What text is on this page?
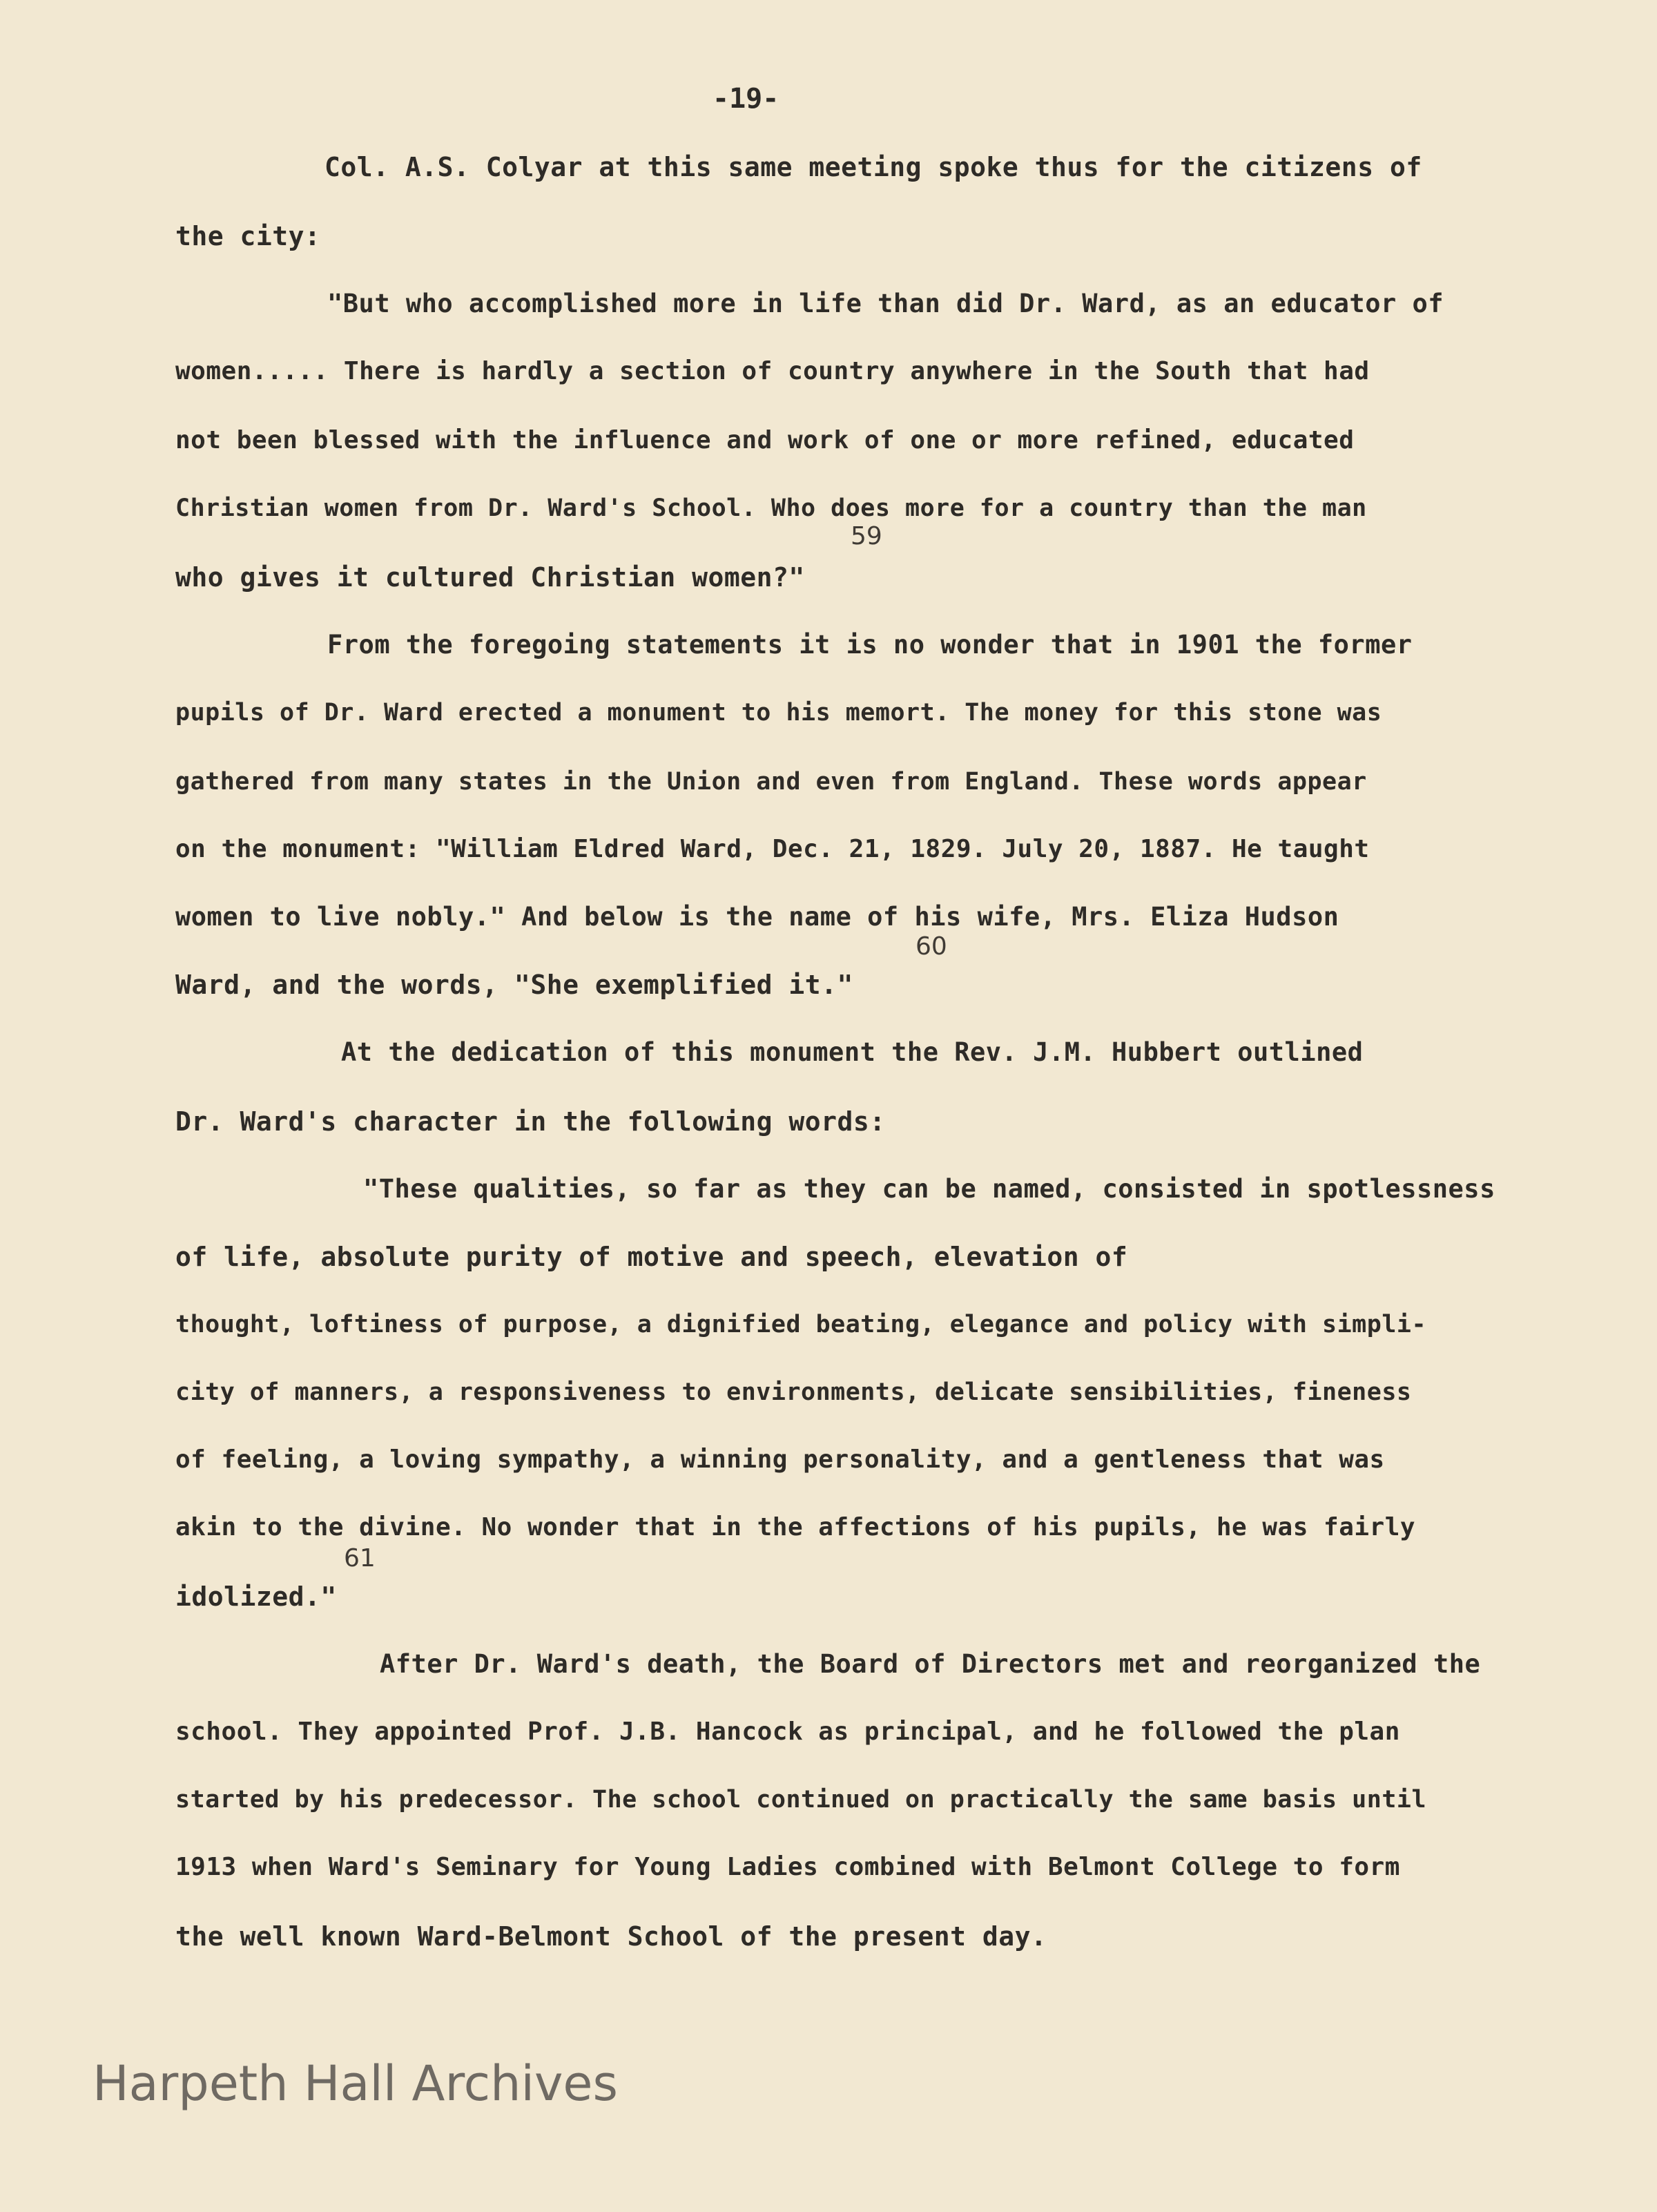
-19-
Col. A.S. Colyar at this same meeting spoke thus for the citizens of
the city:
"But who accomplished more in life than did Dr. Ward, as an educator of
women..... There is hardly a section of country anywhere in the South that had
not been blessed with the influence and work of one or more refined, educated
Christian women from Dr. Ward's School. Who does more for a country than the man
59
who gives it cultured Christian women?"
From the foregoing statements it is no wonder that in 1901 the former
pupils of Dr. Ward erected a monument to his memort. The money for this stone was
gathered from many states in the Union and even from England. These words appear
on the monument: "William Eldred Ward, Dec. 21, 1829. July 20, 1887. He taught
women to live nobly." And below is the name of his wife, Mrs. Eliza Hudson
60
Ward, and the words, "She exemplified it."
At the dedication of this monument the Rev. J.M. Hubbert outlined
Dr. Ward's character in the following words:
"These qualities, so far as they can be named, consisted in spotlessness
of life, absolute purity of motive and speech, elevation of
thought, loftiness of purpose, a dignified beating, elegance and policy with simpli-
city of manners, a responsiveness to environments, delicate sensibilities, fineness
of feeling, a loving sympathy, a winning personality, and a gentleness that was
akin to the divine. No wonder that in the affections of his pupils, he was fairly
61
idolized."
After Dr. Ward's death, the Board of Directors met and reorganized the
school. They appointed Prof. J.B. Hancock as principal, and he followed the plan
started by his predecessor. The school continued on practically the same basis until
1913 when Ward's Seminary for Young Ladies combined with Belmont College to form
the well known Ward-Belmont School of the present day.
Harpeth Hall Archives
